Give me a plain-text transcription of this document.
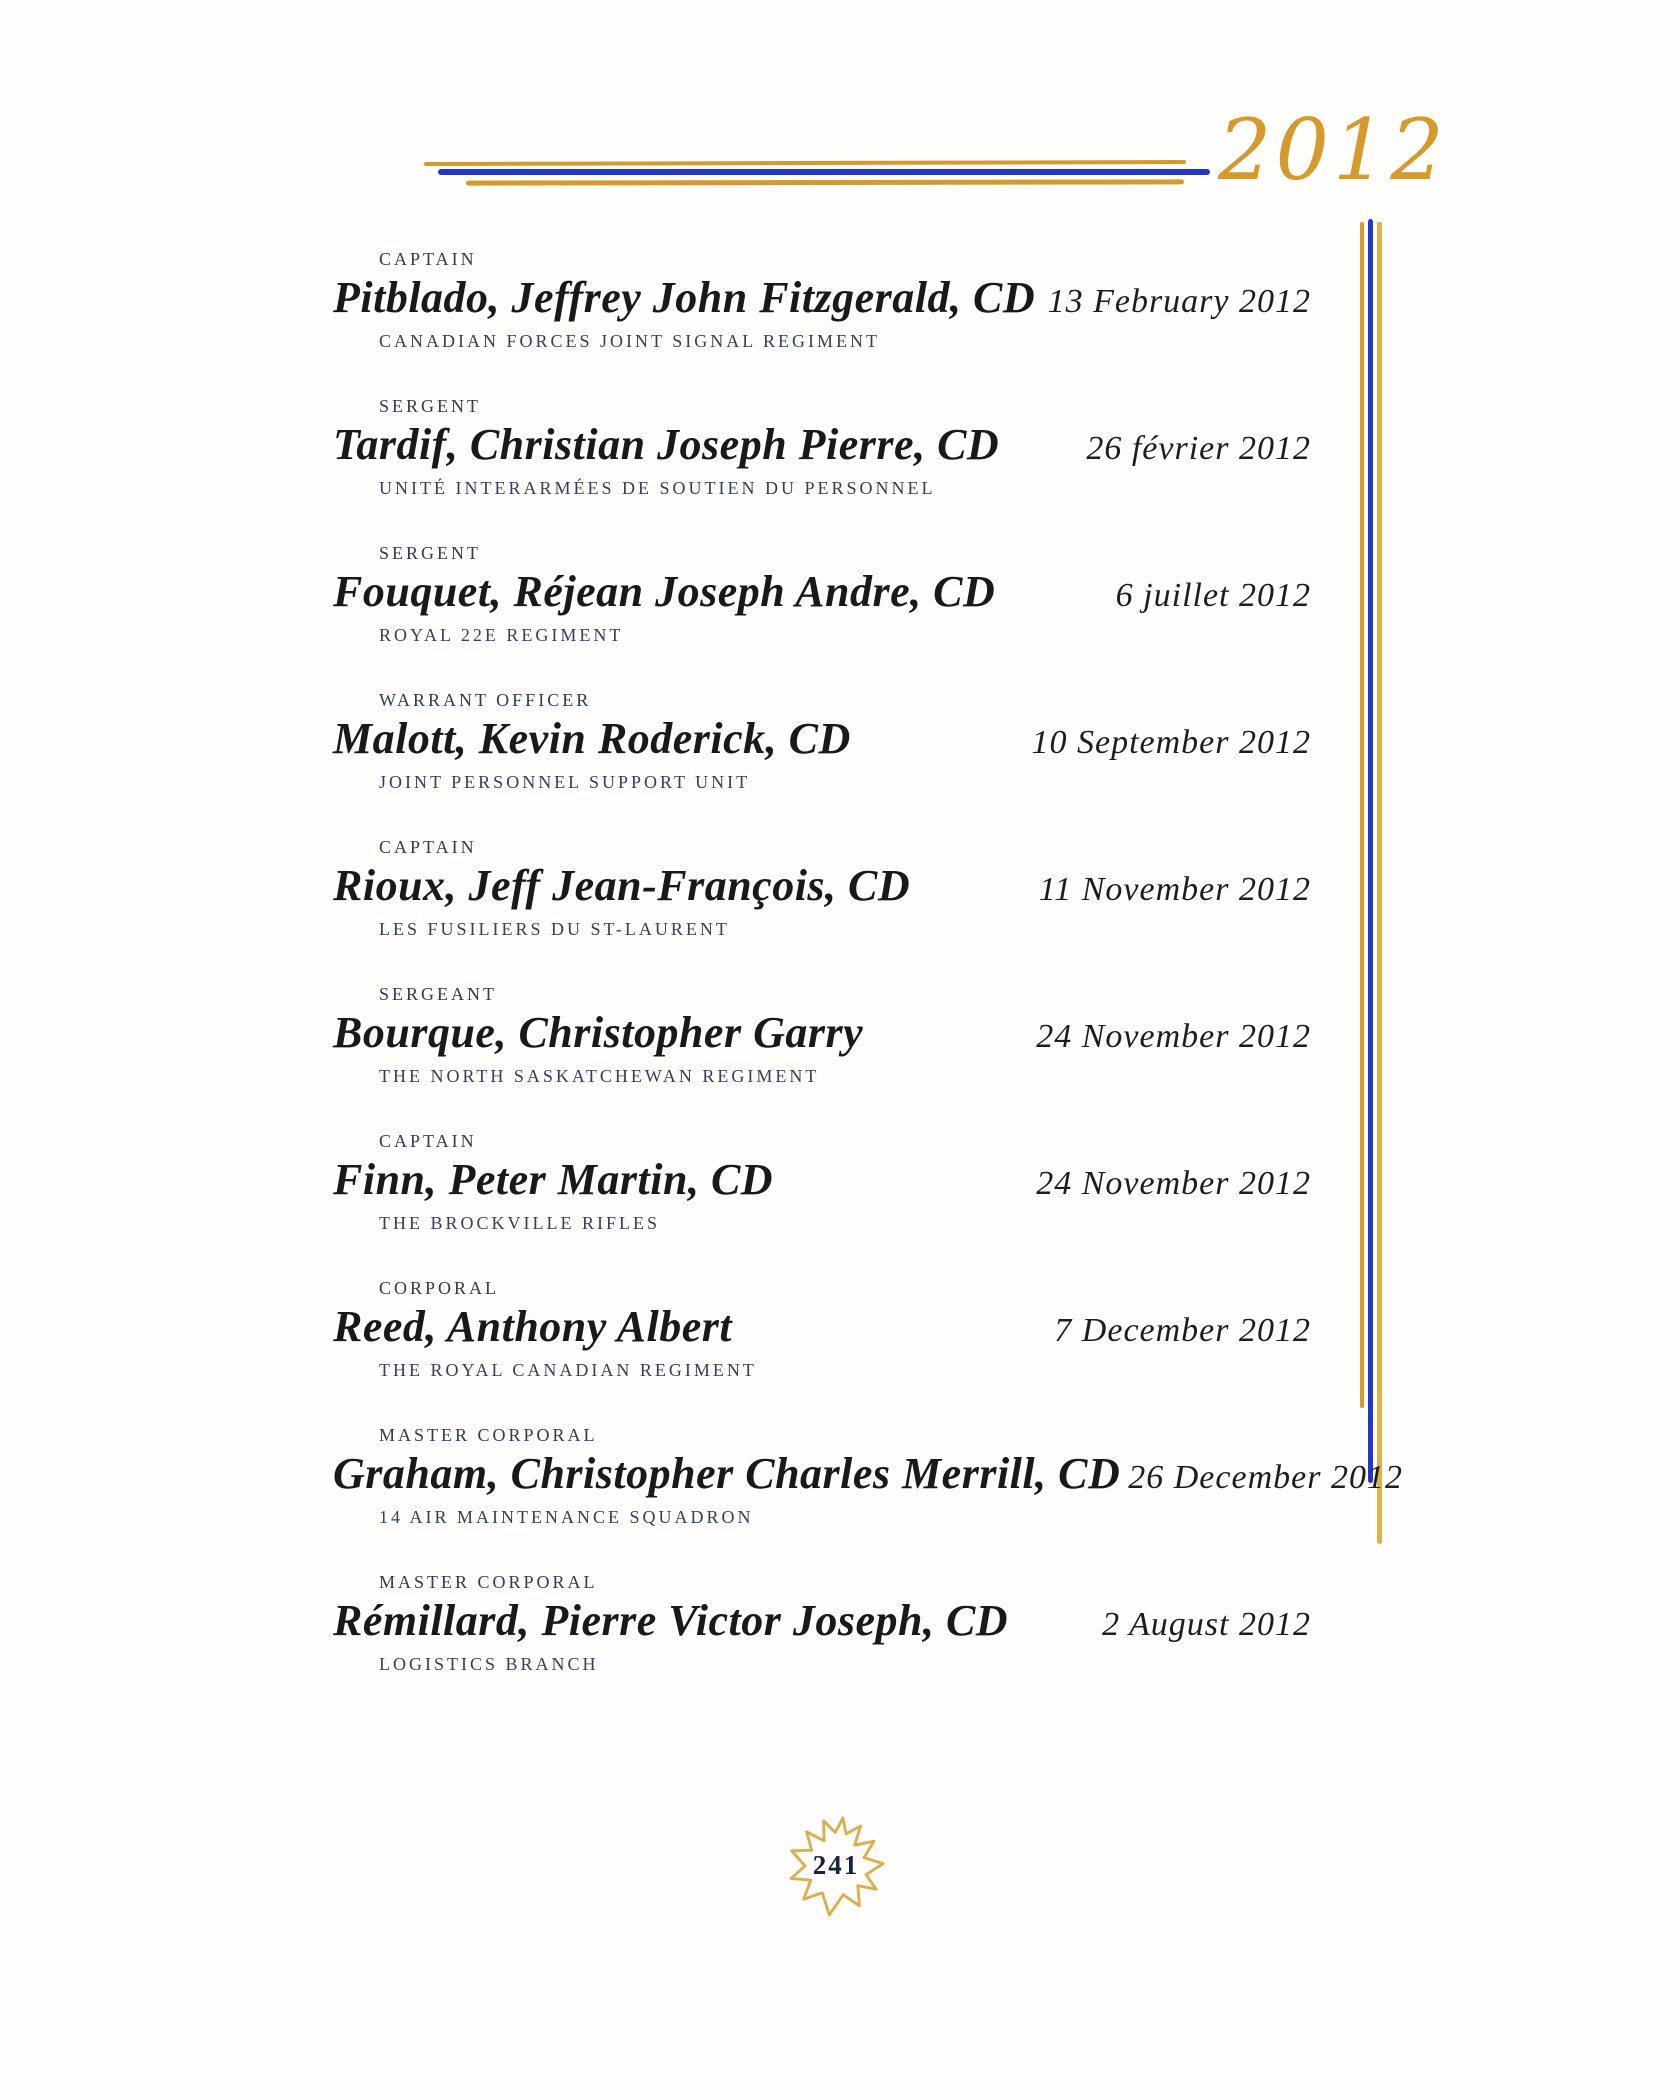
2012
CAPTAIN
Pitblado, Jeffrey John Fitzgerald, CD 13 February 2012
CANADIAN FORCES JOINT SIGNAL REGIMENT
SERGENT
Tardif, Christian Joseph Pierre, CD	26 février 2012
UNITÉ INTERARMÉES DE SOUTIEN DU PERSONNEL
SERGENT
Fouquet, Réjean Joseph Andre, CD	6 juillet 2012
ROYAL 22E REGIMENT
WARRANT OFFICER
Malott, Kevin Roderick, CD	10 September 2012
JOINT PERSONNEL SUPPORT UNIT
CAPTAIN
Rioux, Jeff Jean-François, CD	11 November 2012
LES FUSILIERS DU ST-LAURENT
SERGEANT
Bourque, Christopher Garry	24 November 2012
THE NORTH SASKATCHEWAN REGIMENT
CAPTAIN
Finn, Peter Martin, CD	24 November 2012
THE BROCKVILLE RIFLES
CORPORAL
Reed, Anthony Albert	7 December 2012
THE ROYAL CANADIAN REGIMENT
MASTER CORPORAL
Graham, Christopher Charles Merrill, CD 26 December 2012
14 AIR MAINTENANCE SQUADRON
MASTER CORPORAL
Rémillard, Pierre Victor Joseph, CD	2 August 2012
LOGISTICS BRANCH
241
